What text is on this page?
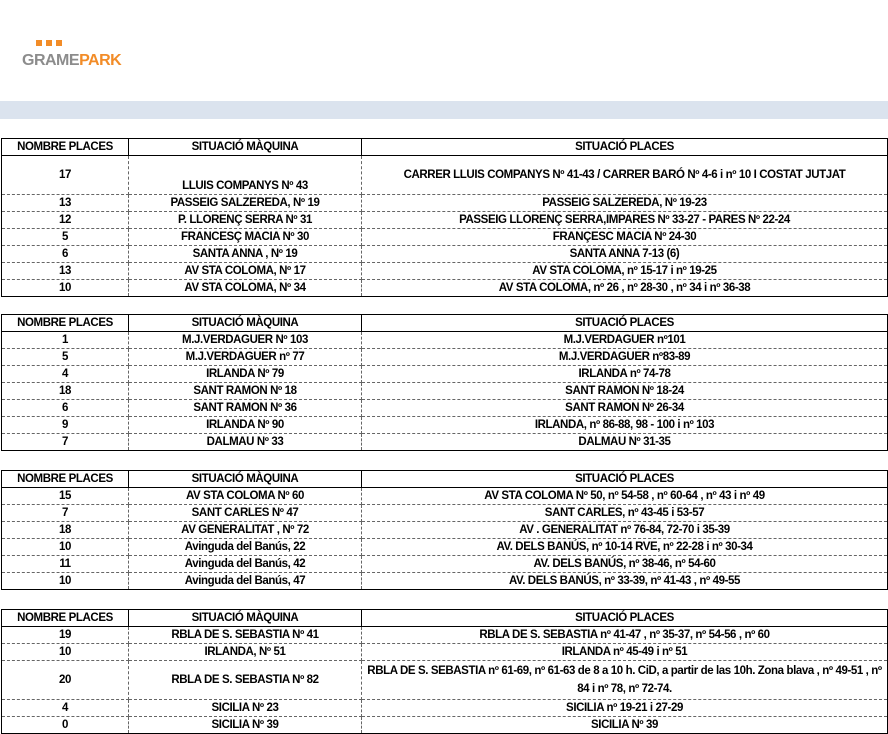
GRAMEPARK
NOMBRE PLACES	SITUACIÓ MÀQUINA	SITUACIÓ PLACES
17	LLUIS COMPANYS Nº 43	CARRER LLUIS COMPANYS Nº 41-43 / CARRER BARÓ Nº 4-6 i nº 10 I COSTAT JUTJAT
13	PASSEIG SALZEREDA, Nº 19	PASSEIG SALZEREDA, Nº 19-23
12	P. LLORENÇ SERRA Nº 31	PASSEIG LLORENÇ SERRA,IMPARES Nº 33-27 - PARES Nº 22-24
5	FRANCESÇ MACIA Nº 30	FRANÇESC MACIA Nº 24-30
6	SANTA ANNA , Nº 19	SANTA ANNA 7-13 (6)
13	AV STA COLOMA, Nº 17	AV STA COLOMA, nº 15-17 i nº 19-25
10	AV STA COLOMA, Nº 34	AV STA COLOMA, nº 26 , nº 28-30 , nº 34 i nº 36-38
NOMBRE PLACES	SITUACIÓ MÀQUINA	SITUACIÓ PLACES
1	M.J.VERDAGUER Nº 103	M.J.VERDAGUER nº101
5	M.J.VERDAGUER nº 77	M.J.VERDAGUER nº83-89
4	IRLANDA Nº 79	IRLANDA nº 74-78
18	SANT RAMON Nº 18	SANT RAMON Nº 18-24
6	SANT RAMON Nº 36	SANT RAMON Nº 26-34
9	IRLANDA Nº 90	IRLANDA, nº 86-88, 98 - 100 i nº 103
7	DALMAU Nº 33	DALMAU Nº 31-35
NOMBRE PLACES	SITUACIÓ MÀQUINA	SITUACIÓ PLACES
15	AV STA COLOMA Nº 60	AV STA COLOMA Nº 50, nº 54-58 , nº 60-64 , nº 43 i nº 49
7	SANT CARLES Nº 47	SANT CARLES, nº 43-45 i 53-57
18	AV GENERALITAT , Nº 72	AV . GENERALITAT nº 76-84, 72-70 i 35-39
10	Avinguda del Banús, 22	AV. DELS BANÚS, nº 10-14 RVE, nº 22-28 i nº 30-34
11	Avinguda del Banús, 42	AV. DELS BANÚS, nº 38-46, nº 54-60
10	Avinguda del Banús, 47	AV. DELS BANÚS, nº 33-39, nº 41-43 , nº 49-55
NOMBRE PLACES	SITUACIÓ MÀQUINA	SITUACIÓ PLACES
19	RBLA DE S. SEBASTIA Nº 41	RBLA DE S. SEBASTIA nº 41-47 , nº 35-37, nº 54-56 , nº 60
10	IRLANDA, Nº 51	IRLANDA nº 45-49 i nº 51
20	RBLA DE S. SEBASTIA Nº 82	RBLA DE S. SEBASTIA nº 61-69, nº 61-63 de 8 a 10 h. CiD, a partir de las 10h. Zona blava , nº 49-51 , nº 84 i nº 78, nº 72-74.
4	SICILIA Nº 23	SICILIA nº 19-21 i 27-29
0	SICILIA Nº 39	SICILIA Nº 39
